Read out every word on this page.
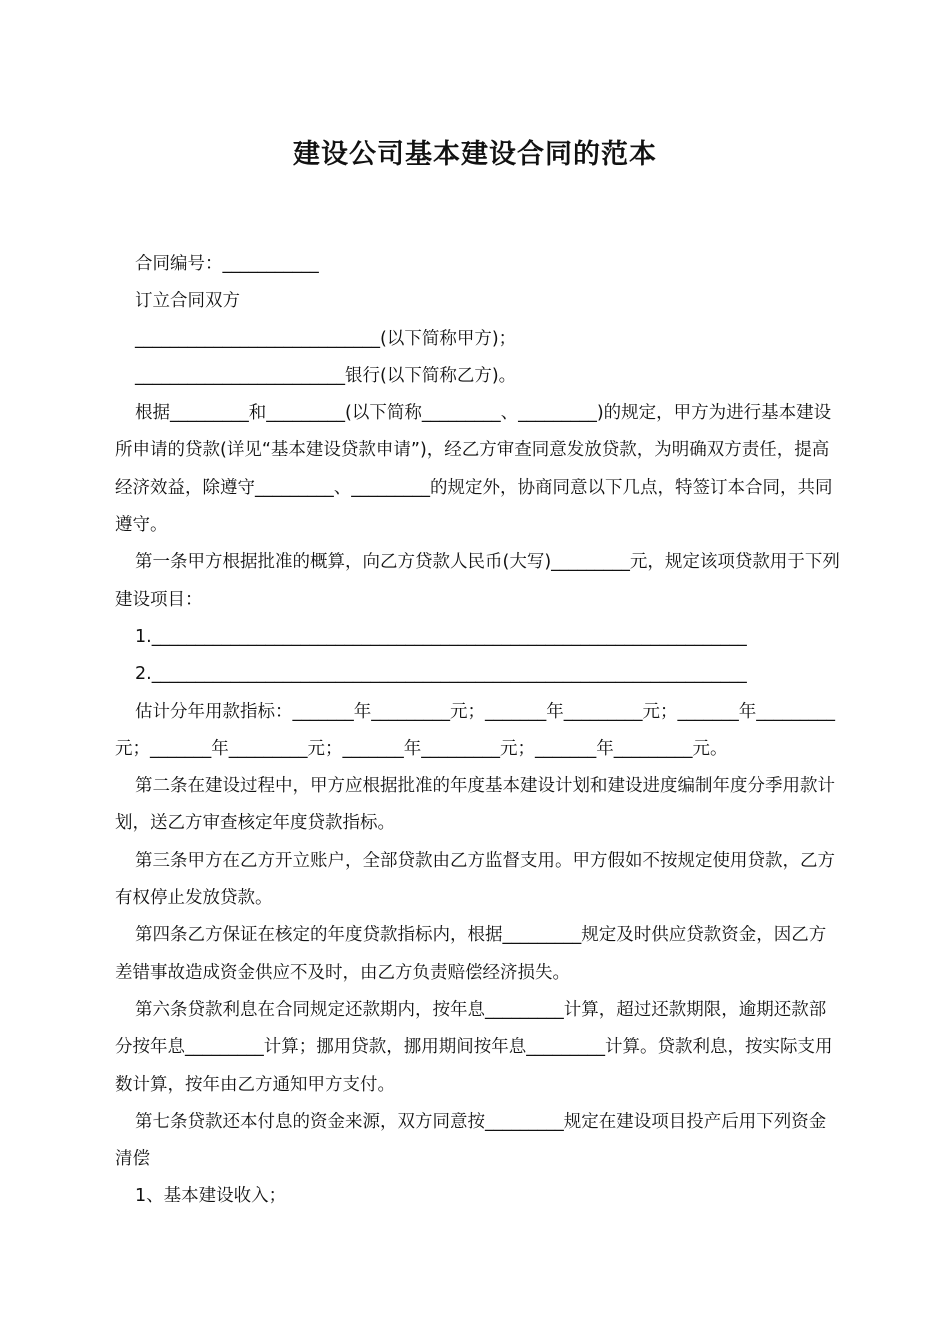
建设公司基本建设合同的范本

合同编号：___________

订立合同双方

____________________________(以下简称甲方)；

________________________银行(以下简称乙方)。

根据_________和_________(以下简称_________、_________)的规定，甲方为进行基本建设所申请的贷款(详见“基本建设贷款申请”)，经乙方审查同意发放贷款，为明确双方责任，提高经济效益，除遵守_________、_________的规定外，协商同意以下几点，特签订本合同，共同遵守。

第一条甲方根据批准的概算，向乙方贷款人民币(大写)_________元，规定该项贷款用于下列建设项目：

1.____________________________________________________________________

2.____________________________________________________________________

估计分年用款指标：_______年_________元；_______年_________元；_______年_________元；_______年_________元；_______年_________元；_______年_________元。

第二条在建设过程中，甲方应根据批准的年度基本建设计划和建设进度编制年度分季用款计划，送乙方审查核定年度贷款指标。

第三条甲方在乙方开立账户，全部贷款由乙方监督支用。甲方假如不按规定使用贷款，乙方有权停止发放贷款。

第四条乙方保证在核定的年度贷款指标内，根据_________规定及时供应贷款资金，因乙方差错事故造成资金供应不及时，由乙方负责赔偿经济损失。

第六条贷款利息在合同规定还款期内，按年息_________计算，超过还款期限，逾期还款部分按年息_________计算；挪用贷款，挪用期间按年息_________计算。贷款利息，按实际支用数计算，按年由乙方通知甲方支付。

第七条贷款还本付息的资金来源，双方同意按_________规定在建设项目投产后用下列资金清偿

1、基本建设收入；
